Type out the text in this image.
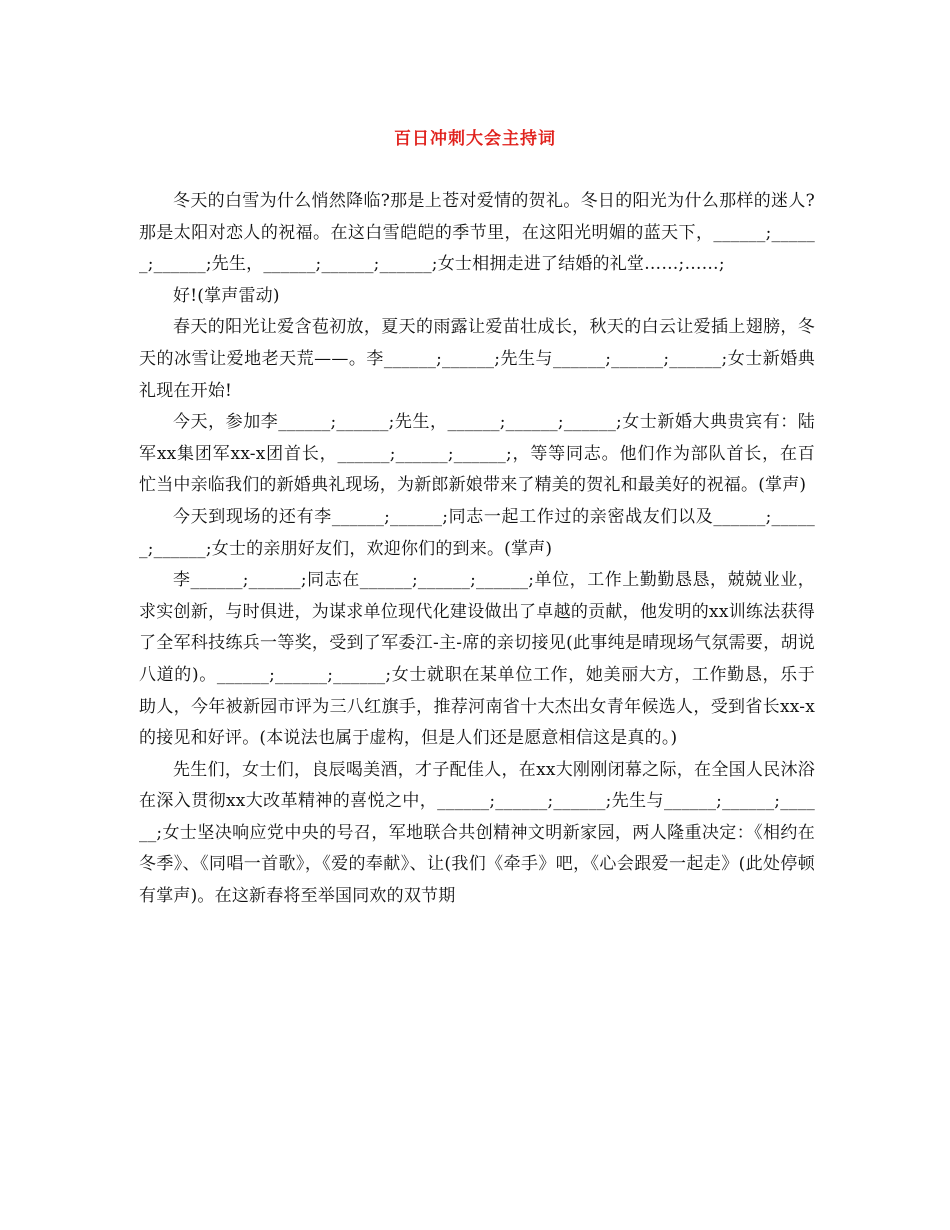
百日冲刺大会主持词

冬天的白雪为什么悄然降临?那是上苍对爱情的贺礼。冬日的阳光为什么那样的迷人?那是太阳对恋人的祝福。在这白雪皑皑的季节里，在这阳光明媚的蓝天下，______;______;______;先生，______;______;______;女士相拥走进了结婚的礼堂……;……;

好!(掌声雷动)

春天的阳光让爱含苞初放，夏天的雨露让爱苗壮成长，秋天的白云让爱插上翅膀，冬天的冰雪让爱地老天荒——。李______;______;先生与______;______;______;女士新婚典礼现在开始!

今天，参加李______;______;先生，______;______;______;女士新婚大典贵宾有：陆军xx集团军xx-x团首长，______;______;______;，等等同志。他们作为部队首长，在百忙当中亲临我们的新婚典礼现场，为新郎新娘带来了精美的贺礼和最美好的祝福。(掌声)

今天到现场的还有李______;______;同志一起工作过的亲密战友们以及______;______;______;女士的亲朋好友们，欢迎你们的到来。(掌声)

李______;______;同志在______;______;______;单位，工作上勤勤恳恳，兢兢业业，求实创新，与时俱进，为谋求单位现代化建设做出了卓越的贡献，他发明的xx训练法获得了全军科技练兵一等奖，受到了军委江-主-席的亲切接见(此事纯是晴现场气氛需要，胡说八道的)。______;______;______;女士就职在某单位工作，她美丽大方，工作勤恳，乐于助人，今年被新园市评为三八红旗手，推荐河南省十大杰出女青年候选人，受到省长xx-x的接见和好评。(本说法也属于虚构，但是人们还是愿意相信这是真的。)

先生们，女士们，良辰喝美酒，才子配佳人，在xx大刚刚闭幕之际，在全国人民沐浴在深入贯彻xx大改革精神的喜悦之中，______;______;______;先生与______;______;______;女士坚决响应党中央的号召，军地联合共创精神文明新家园，两人隆重决定：《相约在冬季》、《同唱一首歌》，《爱的奉献》、让(我们《牵手》吧，《心会跟爱一起走》(此处停顿有掌声)。在这新春将至举国同欢的双节期
